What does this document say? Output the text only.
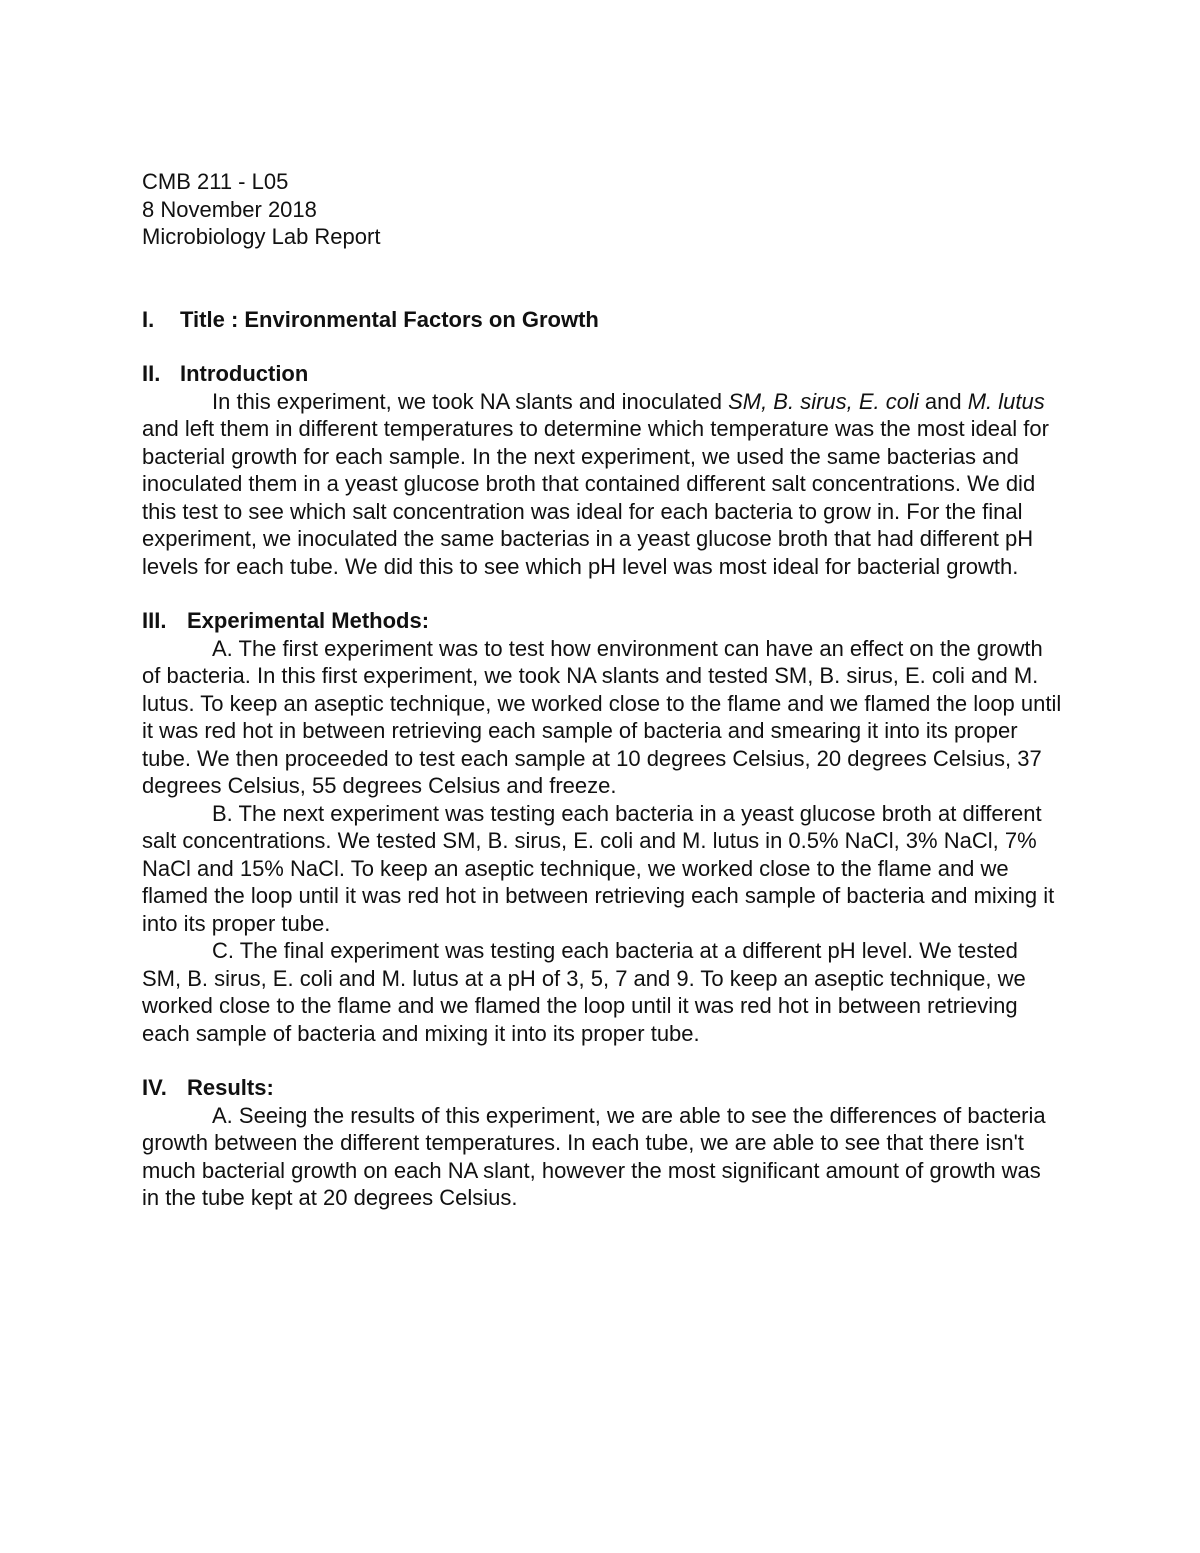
CMB 211 - L05
8 November 2018
Microbiology Lab Report
I.	Title : Environmental Factors on Growth
II. Introduction

In this experiment, we took NA slants and inoculated SM, B. sirus, E. coli and M. lutus and left them in different temperatures to determine which temperature was the most ideal for bacterial growth for each sample. In the next experiment, we used the same bacterias and inoculated them in a yeast glucose broth that contained different salt concentrations. We did this test to see which salt concentration was ideal for each bacteria to grow in. For the final experiment, we inoculated the same bacterias in a yeast glucose broth that had different pH levels for each tube. We did this to see which pH level was most ideal for bacterial growth.

III. Experimental Methods:

A. The first experiment was to test how environment can have an effect on the growth of bacteria. In this first experiment, we took NA slants and tested SM, B. sirus, E. coli and M. lutus. To keep an aseptic technique, we worked close to the flame and we flamed the loop until it was red hot in between retrieving each sample of bacteria and smearing it into its proper tube. We then proceeded to test each sample at 10 degrees Celsius, 20 degrees Celsius, 37 degrees Celsius, 55 degrees Celsius and freeze.

B. The next experiment was testing each bacteria in a yeast glucose broth at different salt concentrations. We tested SM, B. sirus, E. coli and M. lutus in 0.5% NaCl, 3% NaCl, 7% NaCl and 15% NaCl. To keep an aseptic technique, we worked close to the flame and we flamed the loop until it was red hot in between retrieving each sample of bacteria and mixing it into its proper tube.

C. The final experiment was testing each bacteria at a different pH level. We tested SM, B. sirus, E. coli and M. lutus at a pH of 3, 5, 7 and 9. To keep an aseptic technique, we worked close to the flame and we flamed the loop until it was red hot in between retrieving each sample of bacteria and mixing it into its proper tube.

IV. Results:

A. Seeing the results of this experiment, we are able to see the differences of bacteria growth between the different temperatures. In each tube, we are able to see that there isn't much bacterial growth on each NA slant, however the most significant amount of growth was in the tube kept at 20 degrees Celsius.
